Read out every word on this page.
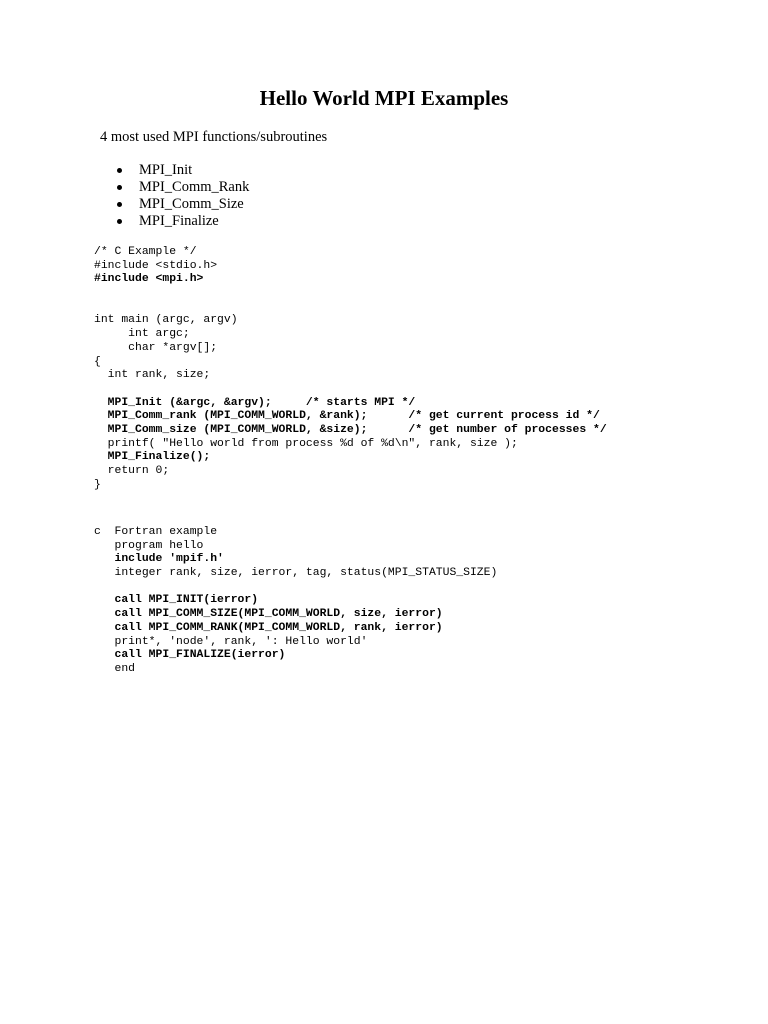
Hello World MPI Examples

4 most used MPI functions/subroutines

MPI_Init
MPI_Comm_Rank
MPI_Comm_Size
MPI_Finalize
/* C Example */
#include <stdio.h>
#include <mpi.h>
int main (argc, argv)
int argc;
char *argv[];
{
int rank, size;
MPI_Init (&argc, &argv);     /* starts MPI */
MPI_Comm_rank (MPI_COMM_WORLD, &rank);      /* get current process id */
MPI_Comm_size (MPI_COMM_WORLD, &size);      /* get number of processes */
printf( "Hello world from process %d of %d\n", rank, size );
MPI_Finalize();
return 0;
}
c  Fortran example
program hello
include 'mpif.h'
integer rank, size, ierror, tag, status(MPI_STATUS_SIZE)
call MPI_INIT(ierror)
call MPI_COMM_SIZE(MPI_COMM_WORLD, size, ierror)
call MPI_COMM_RANK(MPI_COMM_WORLD, rank, ierror)
print*, 'node', rank, ': Hello world'
call MPI_FINALIZE(ierror)
end
